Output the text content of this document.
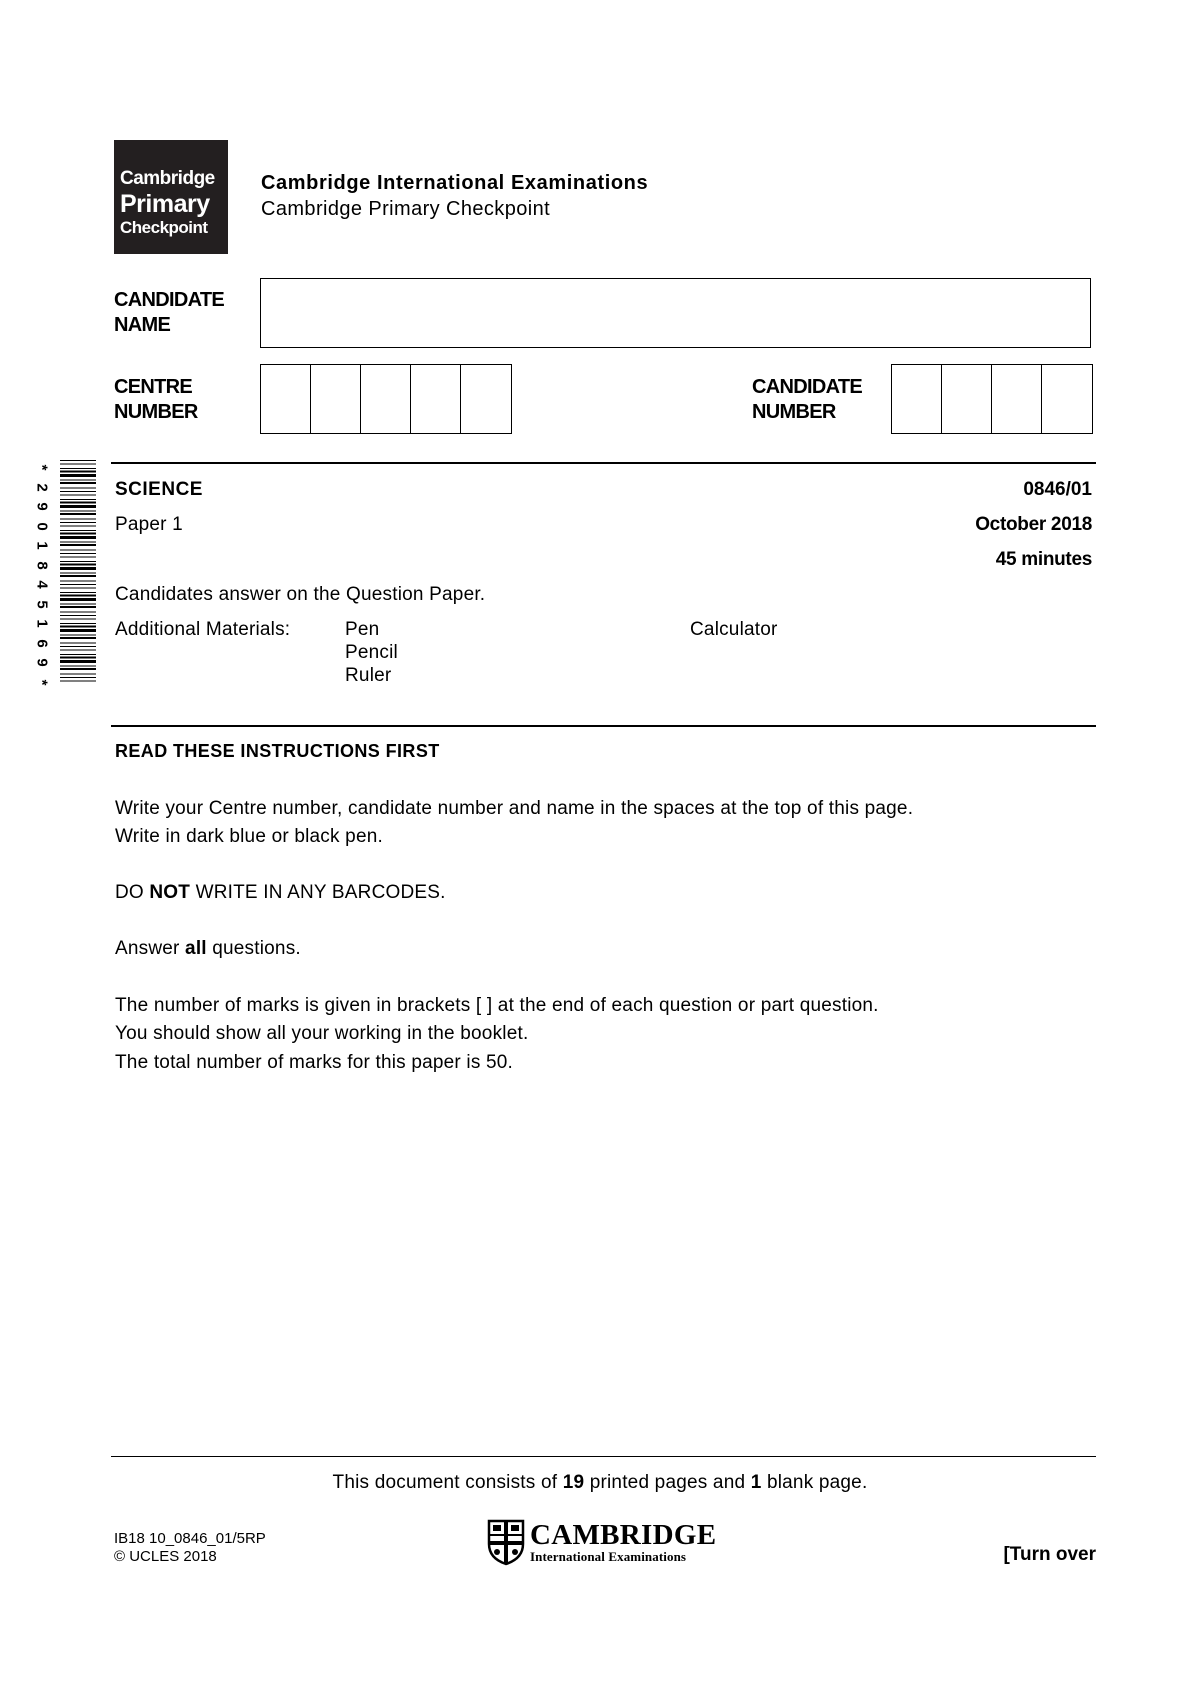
Cambridge
Primary
Checkpoint
Cambridge International Examinations
Cambridge Primary Checkpoint
CANDIDATE
NAME
CENTRE
NUMBER
CANDIDATE
NUMBER
*
2
9
0
1
8
4
5
1
6
9
*
SCIENCE
Paper 1
0846/01
October 2018
45 minutes
Candidates answer on the Question Paper.
Additional Materials:	Pen
Pencil
Ruler
Calculator
READ THESE INSTRUCTIONS FIRST
Write your Centre number, candidate number and name in the spaces at the top of this page.
Write in dark blue or black pen.
DO NOT WRITE IN ANY BARCODES.
Answer all questions.
The number of marks is given in brackets [ ] at the end of each question or part question.
You should show all your working in the booklet.
The total number of marks for this paper is 50.
This document consists of 19 printed pages and 1 blank page.
IB18 10_0846_01/5RP
© UCLES 2018
CAMBRIDGE
International Examinations	[Turn over
